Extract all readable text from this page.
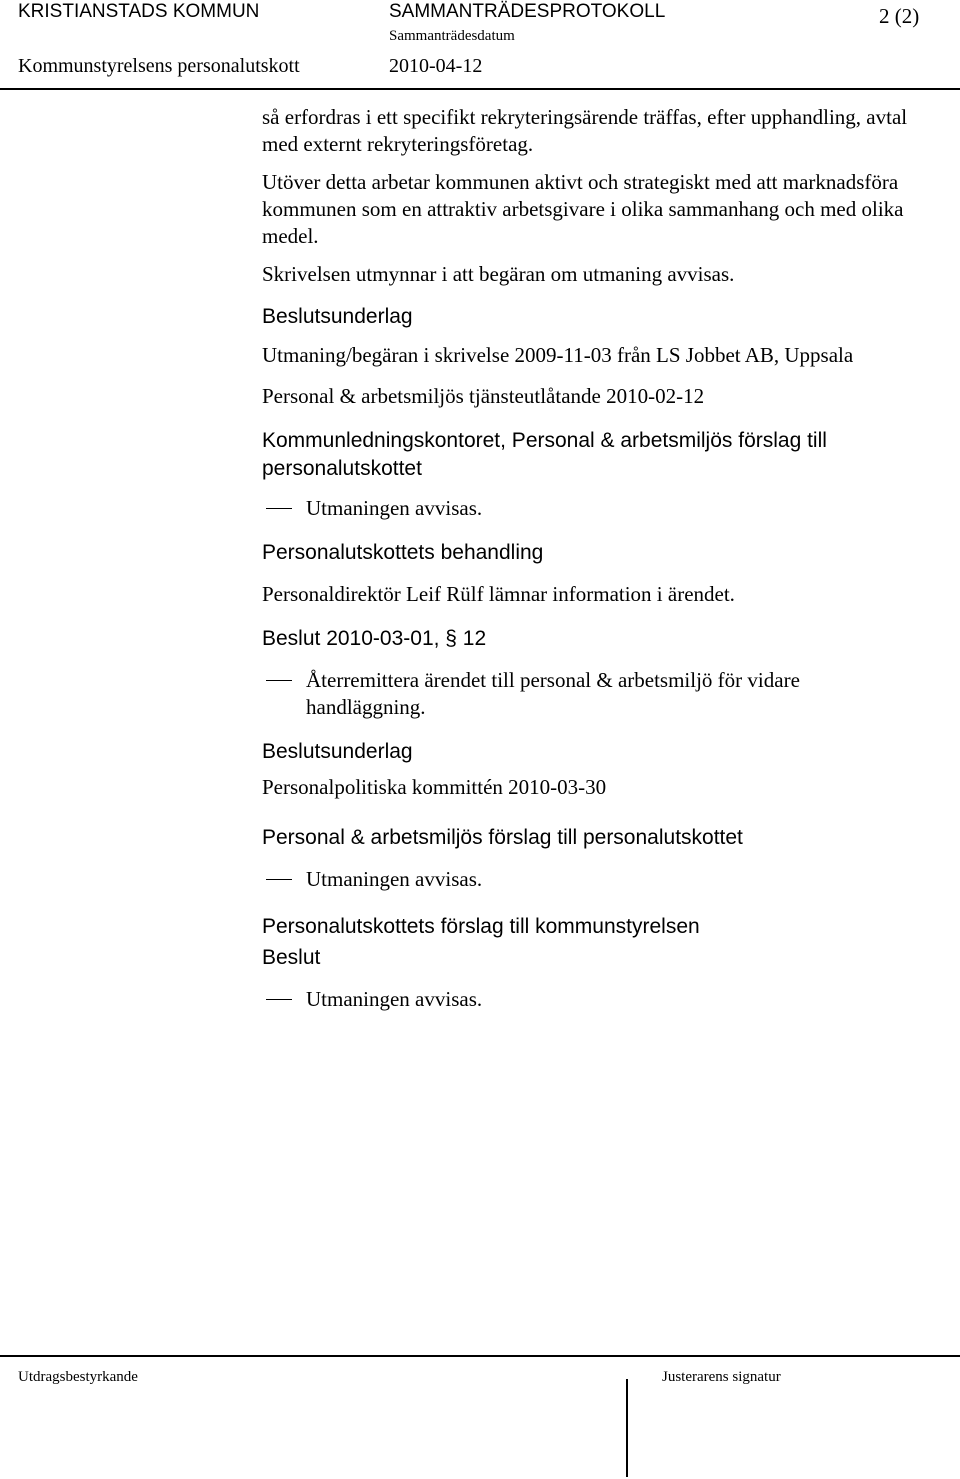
KRISTIANSTADS KOMMUN	SAMMANTRÄDESPROTOKOLL	2 (2)
Sammanträdesdatum
Kommunstyrelsens personalutskott	2010-04-12

så erfordras i ett specifikt rekryteringsärende träffas, efter upphandling, avtal med externt rekryteringsföretag.

Utöver detta arbetar kommunen aktivt och strategiskt med att marknadsföra kommunen som en attraktiv arbetsgivare i olika sammanhang och med olika medel.

Skrivelsen utmynnar i att begäran om utmaning avvisas.

Beslutsunderlag

Utmaning/begäran i skrivelse 2009-11-03 från LS Jobbet AB, Uppsala

Personal & arbetsmiljös tjänsteutlåtande 2010-02-12

Kommunledningskontoret, Personal & arbetsmiljös förslag till personalutskottet

Utmaningen avvisas.

Personalutskottets behandling

Personaldirektör Leif Rülf lämnar information i ärendet.

Beslut 2010-03-01, § 12

Återremittera ärendet till personal & arbetsmiljö för vidare handläggning.

Beslutsunderlag

Personalpolitiska kommittén 2010-03-30

Personal & arbetsmiljös förslag till personalutskottet

Utmaningen avvisas.

Personalutskottets förslag till kommunstyrelsen

Beslut

Utmaningen avvisas.
Utdragsbestyrkande	Justerarens signatur
